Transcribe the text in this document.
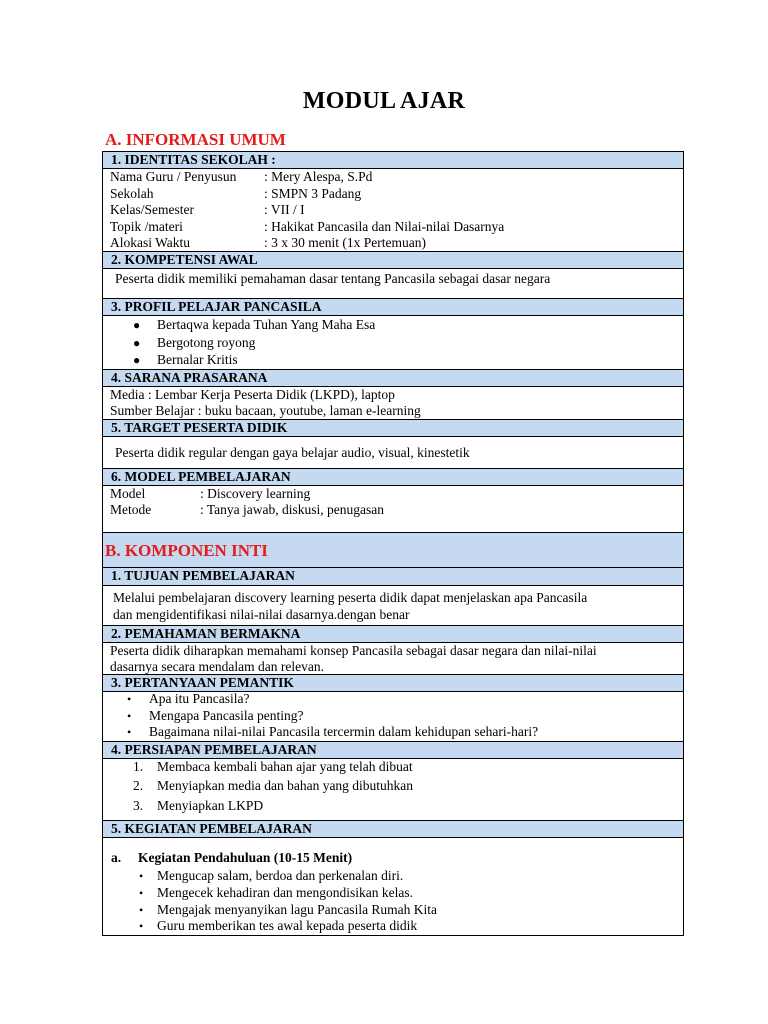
MODUL AJAR
A. INFORMASI UMUM
1. IDENTITAS SEKOLAH :
Nama Guru / Penyusun : Mery Alespa, S.Pd
Sekolah	: SMPN 3 Padang
Kelas/Semester	: VII / I
Topik /materi	: Hakikat Pancasila dan Nilai-nilai Dasarnya
Alokasi Waktu	: 3 x 30 menit (1x Pertemuan)
2. KOMPETENSI AWAL
Peserta didik memiliki pemahaman dasar tentang Pancasila sebagai dasar negara
3. PROFIL PELAJAR PANCASILA
● Bertaqwa kepada Tuhan Yang Maha Esa
● Bergotong royong
● Bernalar Kritis
4. SARANA PRASARANA
Media : Lembar Kerja Peserta Didik (LKPD), laptop
Sumber Belajar : buku bacaan, youtube, laman e-learning
5. TARGET PESERTA DIDIK
Peserta didik regular dengan gaya belajar audio, visual, kinestetik
6. MODEL PEMBELAJARAN
Model	: Discovery learning
Metode	: Tanya jawab, diskusi, penugasan
B. KOMPONEN INTI
1. TUJUAN PEMBELAJARAN
Melalui pembelajaran discovery learning peserta didik dapat menjelaskan apa Pancasila
dan mengidentifikasi nilai-nilai dasarnya.dengan benar
2. PEMAHAMAN BERMAKNA
Peserta didik diharapkan memahami konsep Pancasila sebagai dasar negara dan nilai-nilai
dasarnya secara mendalam dan relevan.
3. PERTANYAAN PEMANTIK
• Apa itu Pancasila?
• Mengapa Pancasila penting?
• Bagaimana nilai-nilai Pancasila tercermin dalam kehidupan sehari-hari?
4. PERSIAPAN PEMBELAJARAN
1. Membaca kembali bahan ajar yang telah dibuat
2. Menyiapkan media dan bahan yang dibutuhkan
3. Menyiapkan LKPD
5. KEGIATAN PEMBELAJARAN
a. Kegiatan Pendahuluan (10-15 Menit)
• Mengucap salam, berdoa dan perkenalan diri.
• Mengecek kehadiran dan mengondisikan kelas.
• Mengajak menyanyikan lagu Pancasila Rumah Kita
• Guru memberikan tes awal kepada peserta didik
